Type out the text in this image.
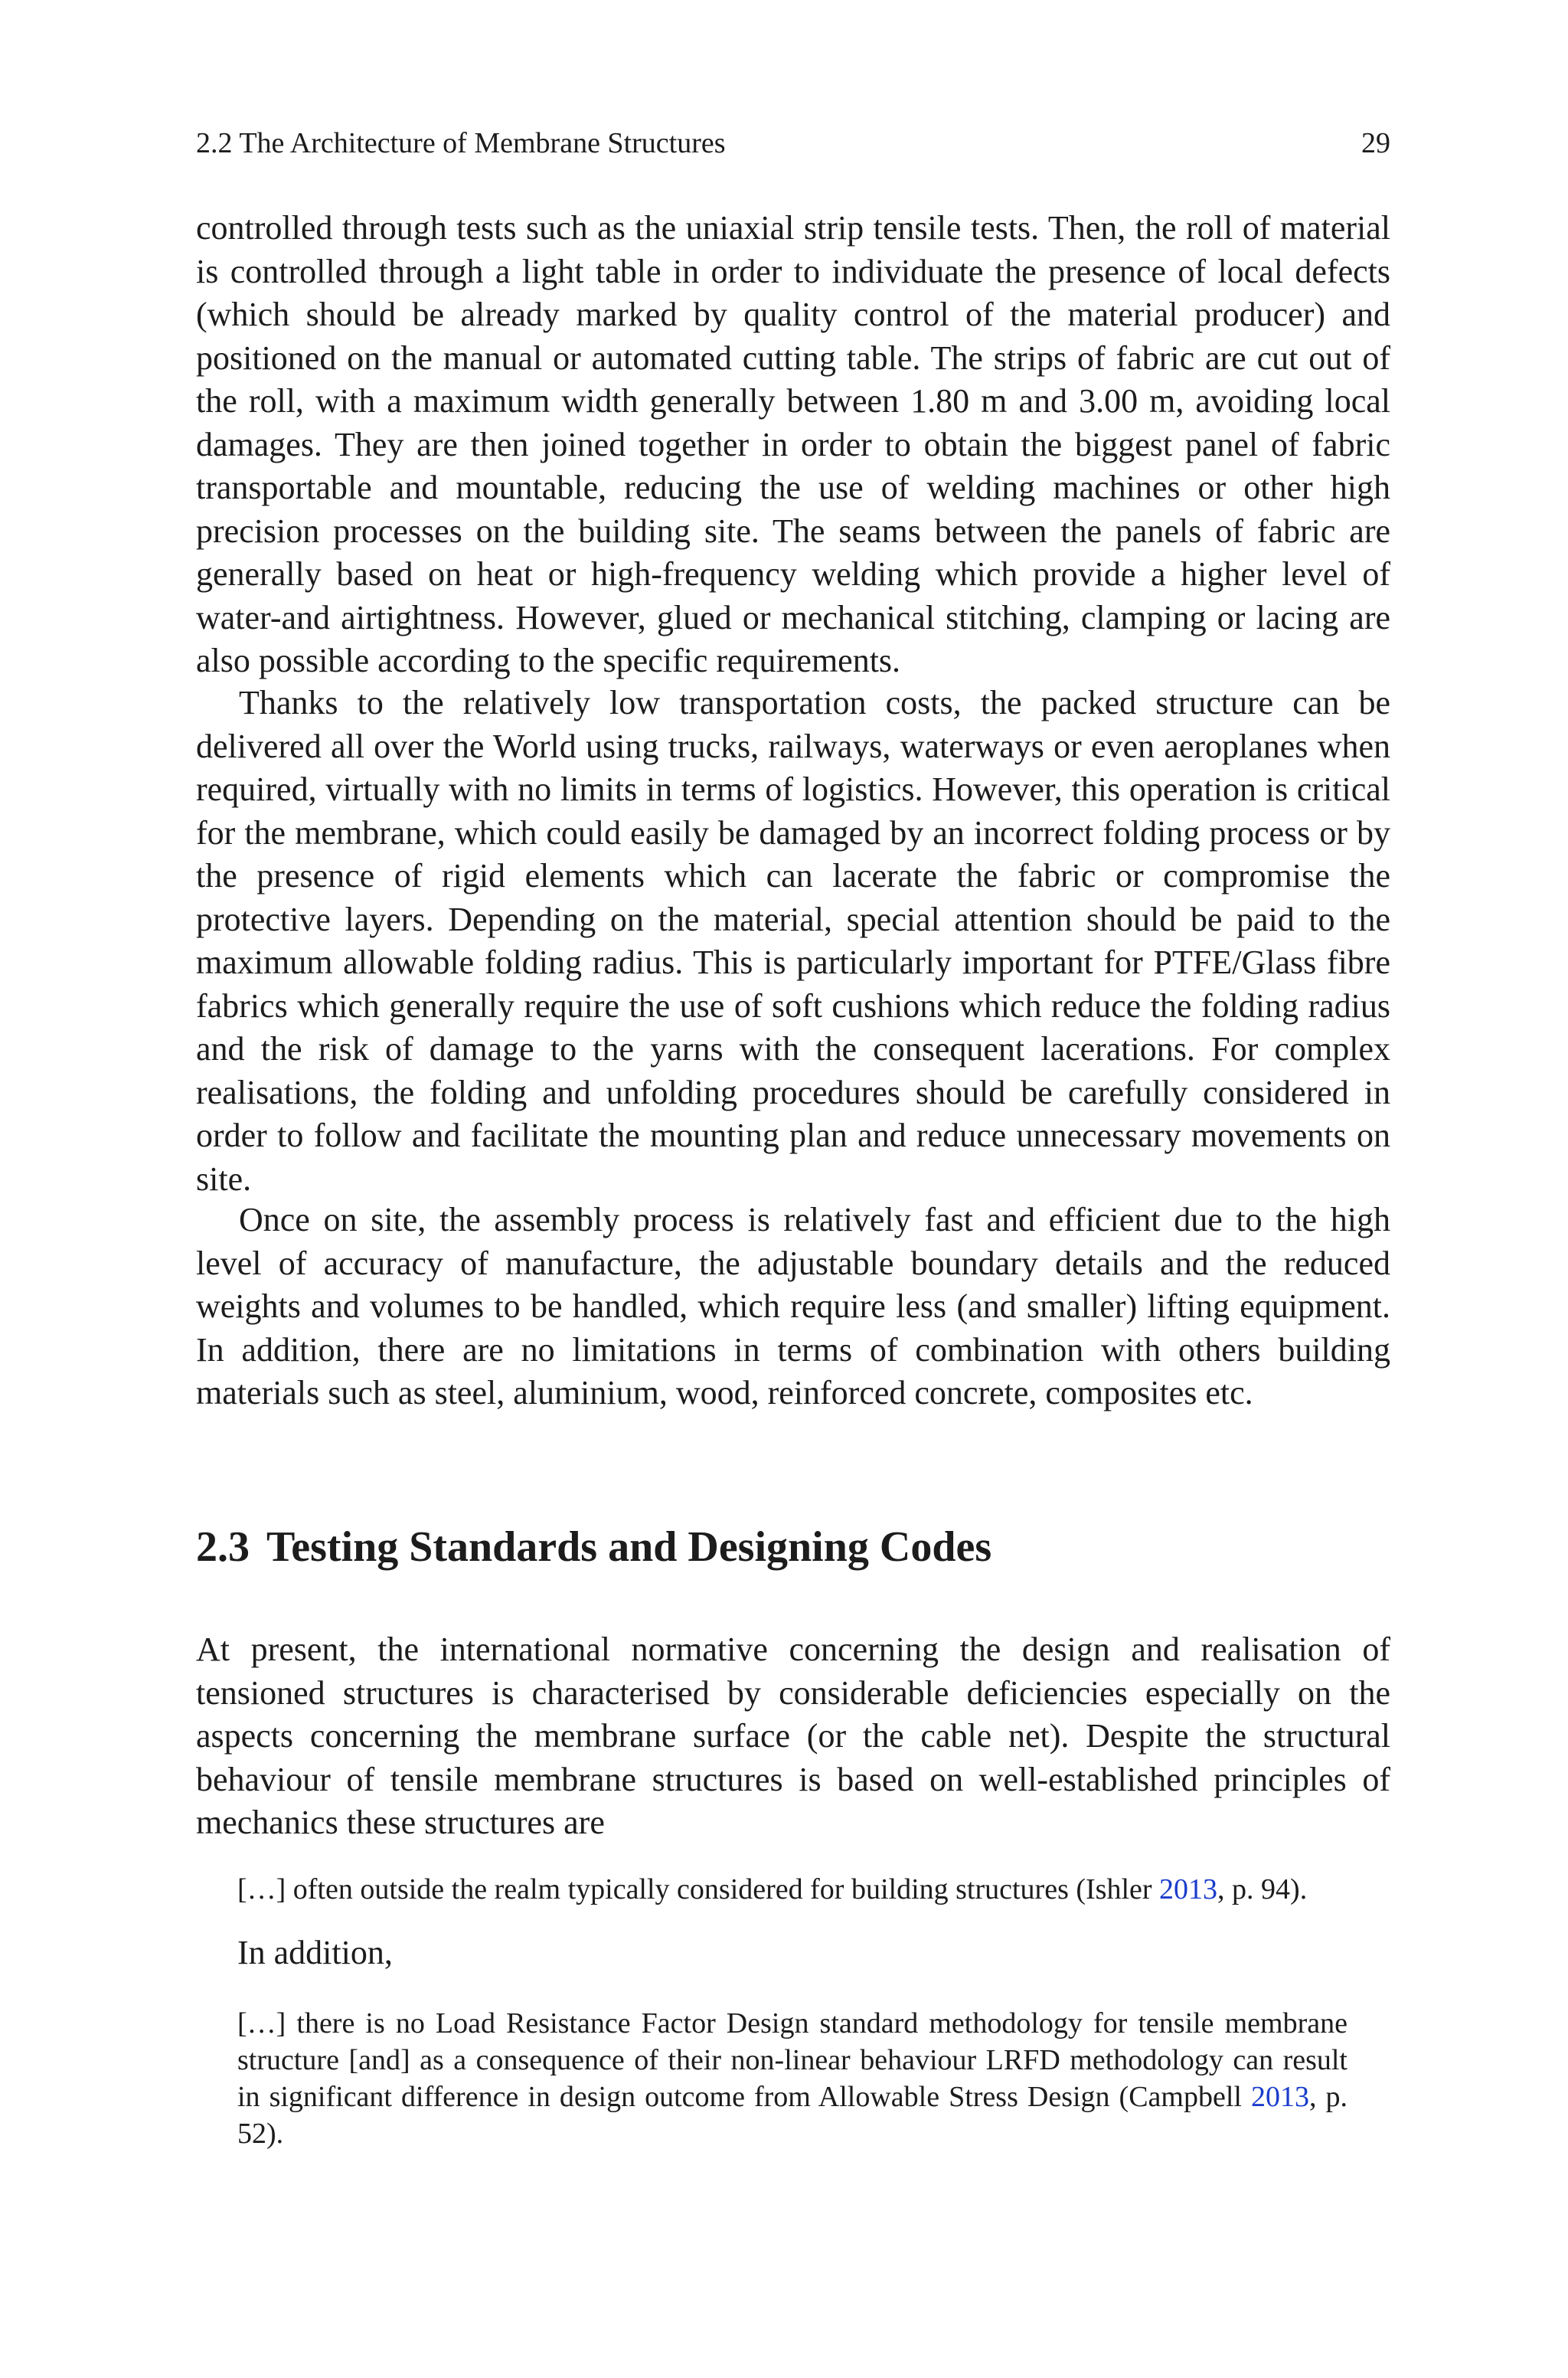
2.2 The Architecture of Membrane Structures	29

controlled through tests such as the uniaxial strip tensile tests. Then, the roll of material is controlled through a light table in order to individuate the presence of local defects (which should be already marked by quality control of the material producer) and positioned on the manual or automated cutting table. The strips of fabric are cut out of the roll, with a maximum width generally between 1.80 m and 3.00 m, avoiding local damages. They are then joined together in order to obtain the biggest panel of fabric transportable and mountable, reducing the use of welding machines or other high precision processes on the building site. The seams between the panels of fabric are generally based on heat or high-frequency welding which provide a higher level of water-and airtightness. However, glued or mechanical stitching, clamping or lacing are also possible according to the specific requirements.

Thanks to the relatively low transportation costs, the packed structure can be delivered all over the World using trucks, railways, waterways or even aeroplanes when required, virtually with no limits in terms of logistics. However, this operation is critical for the membrane, which could easily be damaged by an incorrect folding process or by the presence of rigid elements which can lacerate the fabric or compromise the protective layers. Depending on the material, special attention should be paid to the maximum allowable folding radius. This is particularly important for PTFE/Glass fibre fabrics which generally require the use of soft cushions which reduce the folding radius and the risk of damage to the yarns with the consequent lacerations. For complex realisations, the folding and unfolding procedures should be carefully considered in order to follow and facilitate the mounting plan and reduce unnecessary movements on site.

Once on site, the assembly process is relatively fast and efficient due to the high level of accuracy of manufacture, the adjustable boundary details and the reduced weights and volumes to be handled, which require less (and smaller) lifting equipment. In addition, there are no limitations in terms of combination with others building materials such as steel, aluminium, wood, reinforced concrete, composites etc.

2.3 Testing Standards and Designing Codes

At present, the international normative concerning the design and realisation of tensioned structures is characterised by considerable deficiencies especially on the aspects concerning the membrane surface (or the cable net). Despite the structural behaviour of tensile membrane structures is based on well-established principles of mechanics these structures are

[…] often outside the realm typically considered for building structures (Ishler 2013, p. 94).

In addition,

[…] there is no Load Resistance Factor Design standard methodology for tensile membrane structure [and] as a consequence of their non-linear behaviour LRFD methodology can result in significant difference in design outcome from Allowable Stress Design (Campbell 2013, p. 52).
